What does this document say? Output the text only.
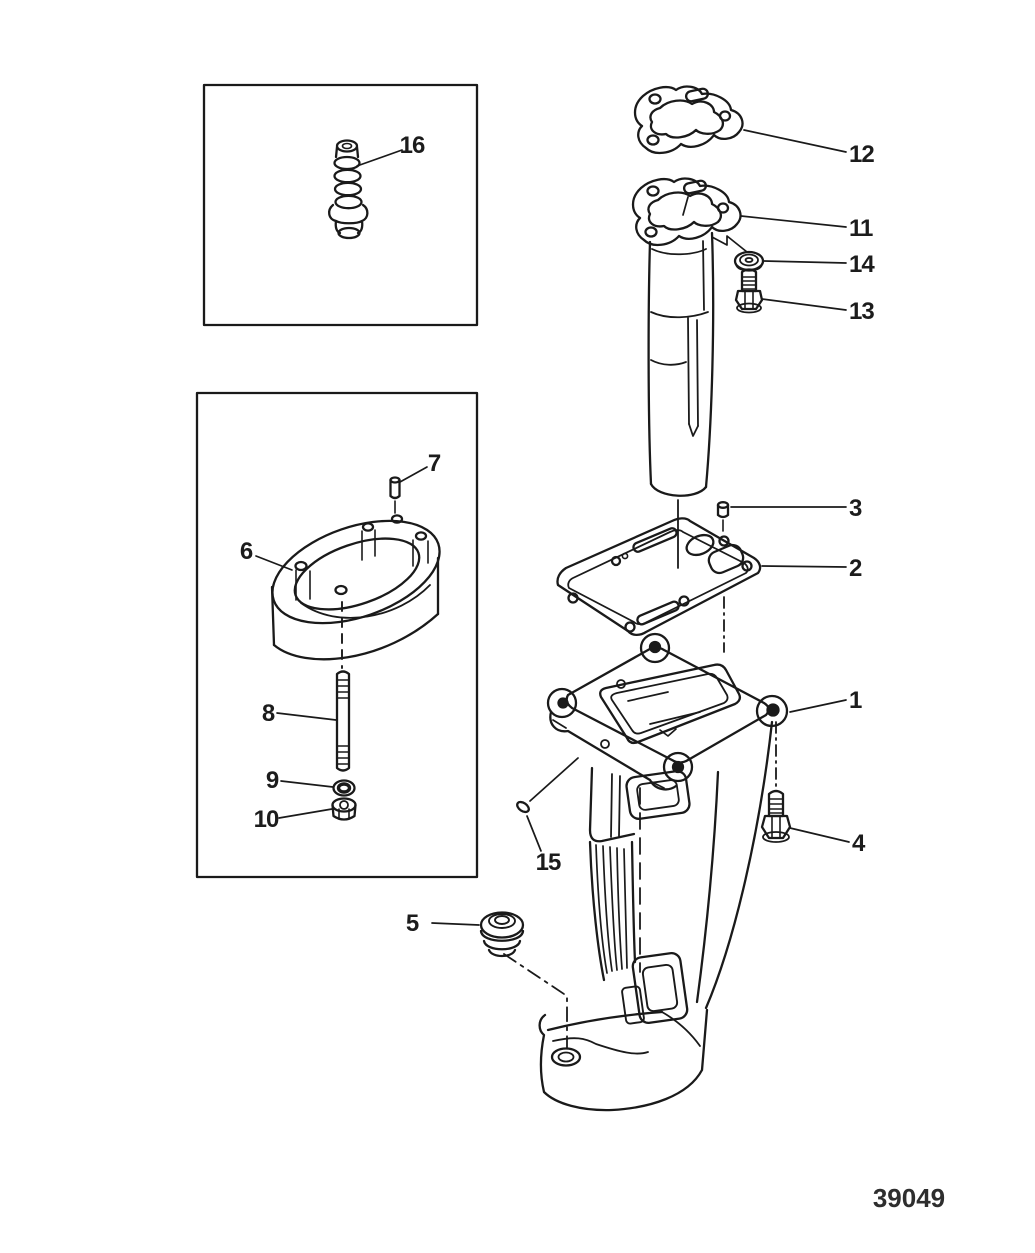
1
2
3
4
5
6
7
8
9
10
11
12
13
14
15
16
39049
